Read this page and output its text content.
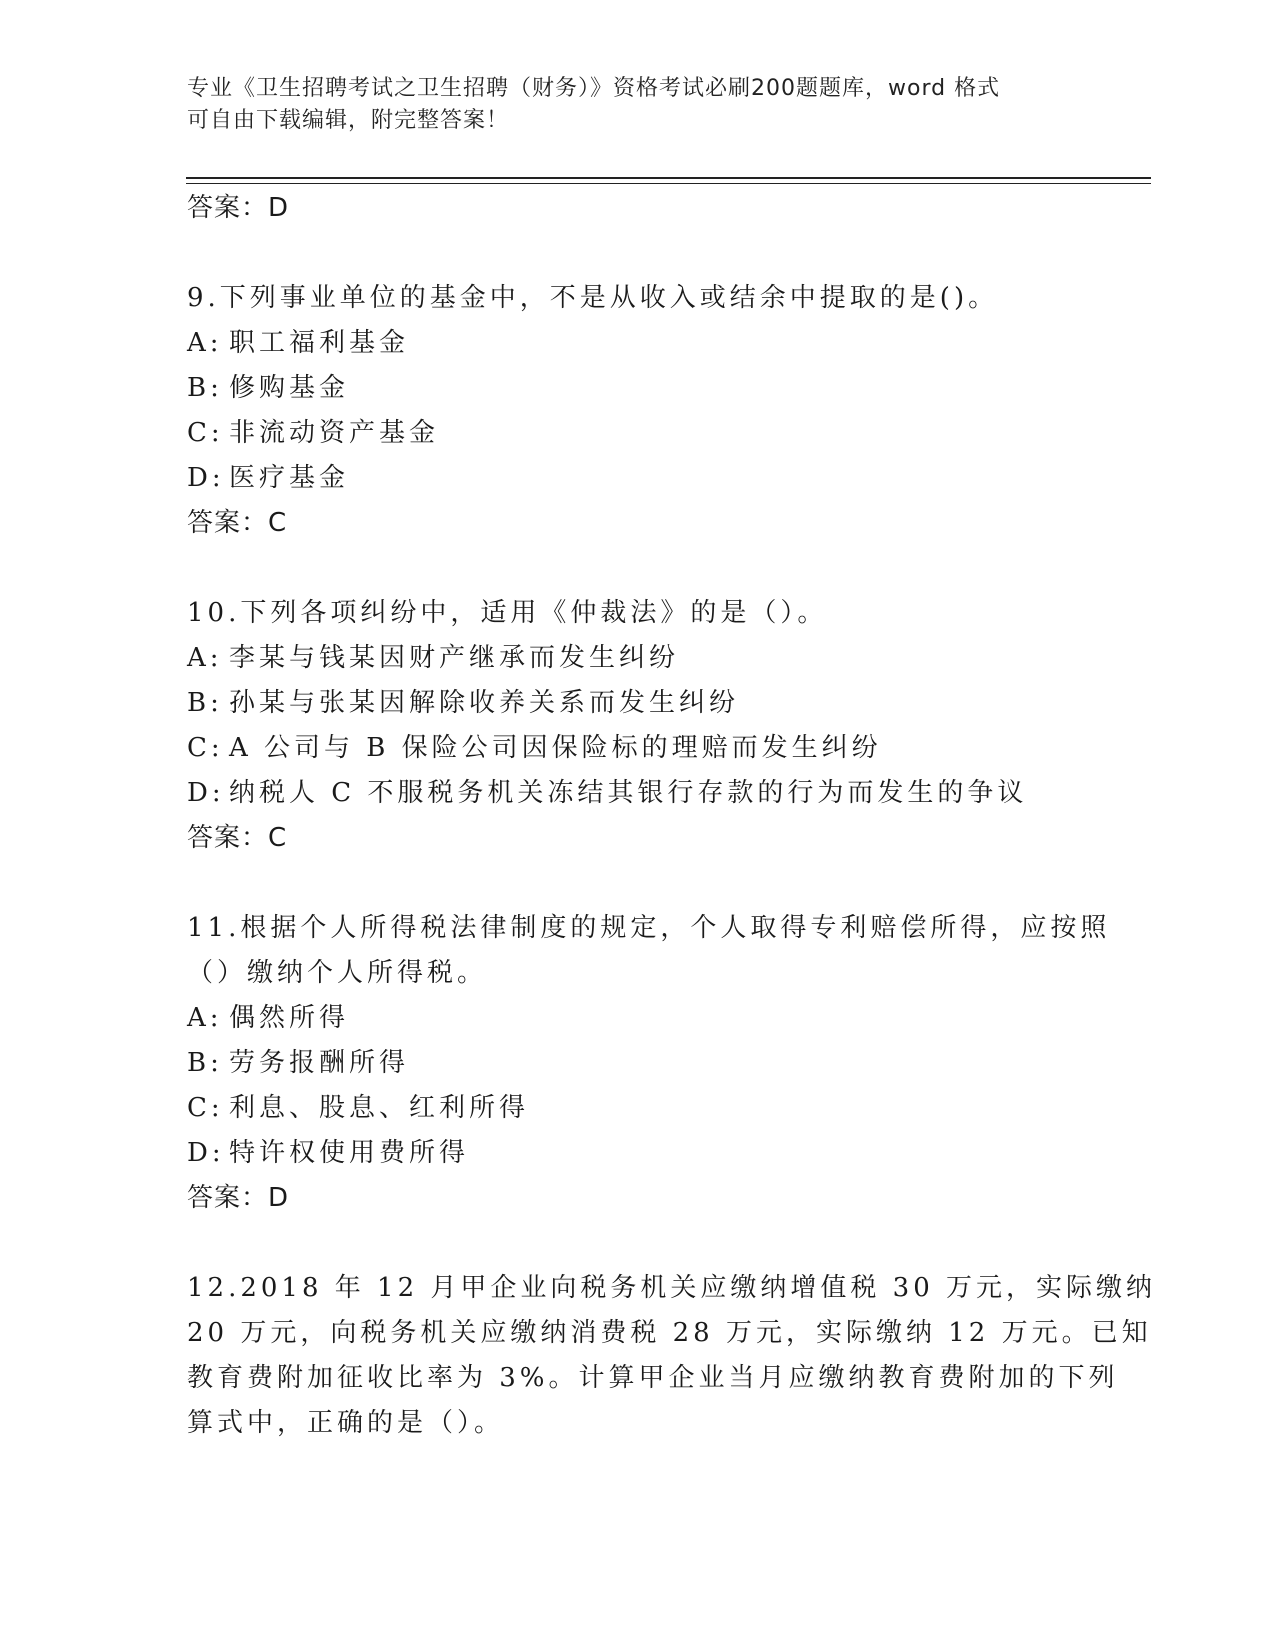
专业《卫生招聘考试之卫生招聘（财务）》资格考试必刷200题题库，word 格式
可自由下载编辑，附完整答案！
答案：D
9.下列事业单位的基金中，不是从收入或结余中提取的是()。
A: 职工福利基金
B: 修购基金
C: 非流动资产基金
D: 医疗基金
答案：C
10.下列各项纠纷中，适用《仲裁法》的是（）。
A: 李某与钱某因财产继承而发生纠纷
B: 孙某与张某因解除收养关系而发生纠纷
C: A 公司与 B 保险公司因保险标的理赔而发生纠纷
D: 纳税人 C 不服税务机关冻结其银行存款的行为而发生的争议
答案：C
11.根据个人所得税法律制度的规定，个人取得专利赔偿所得，应按照
（）缴纳个人所得税。
A: 偶然所得
B: 劳务报酬所得
C: 利息、股息、红利所得
D: 特许权使用费所得
答案：D
12.2018 年 12 月甲企业向税务机关应缴纳增值税 30 万元，实际缴纳
20 万元，向税务机关应缴纳消费税 28 万元，实际缴纳 12 万元。已知
教育费附加征收比率为 3%。计算甲企业当月应缴纳教育费附加的下列
算式中，正确的是（）。
